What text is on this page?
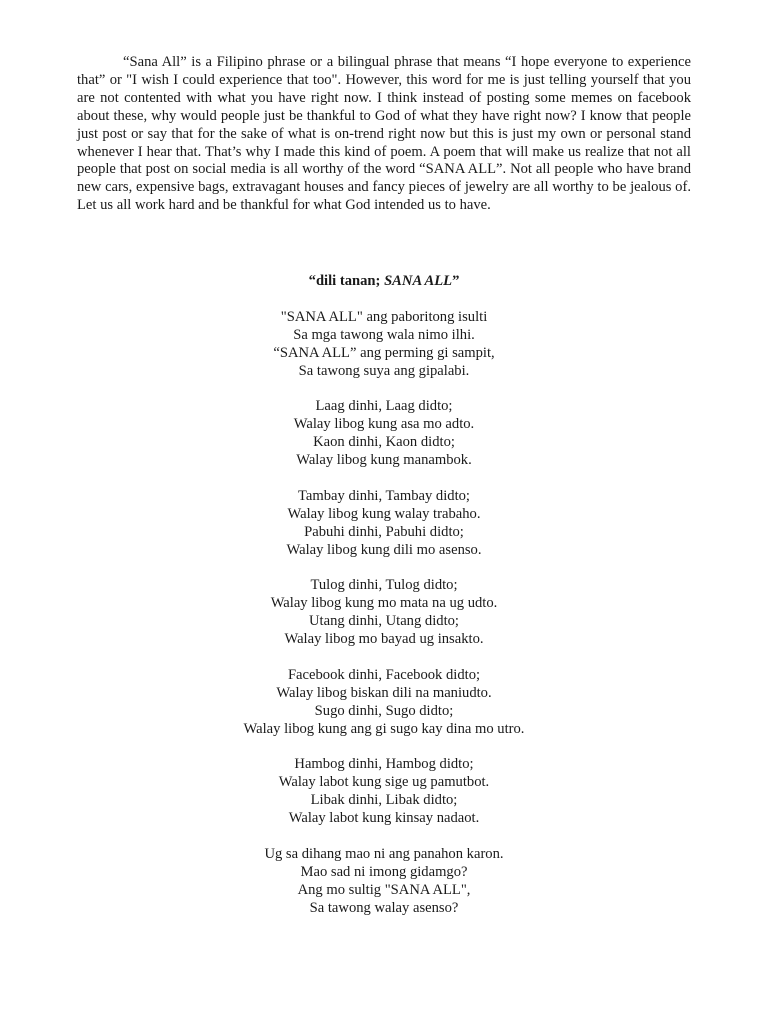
“Sana All” is a Filipino phrase or a bilingual phrase that means “I hope everyone to experience that” or "I wish I could experience that too". However, this word for me is just telling yourself that you are not contented with what you have right now. I think instead of posting some memes on facebook about these, why would people just be thankful to God of what they have right now? I know that people just post or say that for the sake of what is on-trend right now but this is just my own or personal stand whenever I hear that. That’s why I made this kind of poem. A poem that will make us realize that not all people that post on social media is all worthy of the word “SANA ALL”. Not all people who have brand new cars, expensive bags, extravagant houses and fancy pieces of jewelry are all worthy to be jealous of. Let us all work hard and be thankful for what God intended us to have.

“dili tanan; SANA ALL”

"SANA ALL" ang paboritong isulti
Sa mga tawong wala nimo ilhi.
“SANA ALL” ang perming gi sampit,
Sa tawong suya ang gipalabi.
Laag dinhi, Laag didto;
Walay libog kung asa mo adto.
Kaon dinhi, Kaon didto;
Walay libog kung manambok.
Tambay dinhi, Tambay didto;
Walay libog kung walay trabaho.
Pabuhi dinhi, Pabuhi didto;
Walay libog kung dili mo asenso.
Tulog dinhi, Tulog didto;
Walay libog kung mo mata na ug udto.
Utang dinhi, Utang didto;
Walay libog mo bayad ug insakto.
Facebook dinhi, Facebook didto;
Walay libog biskan dili na maniudto.
Sugo dinhi, Sugo didto;
Walay libog kung ang gi sugo kay dina mo utro.
Hambog dinhi, Hambog didto;
Walay labot kung sige ug pamutbot.
Libak dinhi, Libak didto;
Walay labot kung kinsay nadaot.
Ug sa dihang mao ni ang panahon karon.
Mao sad ni imong gidamgo?
Ang mo sultig "SANA ALL",
Sa tawong walay asenso?
